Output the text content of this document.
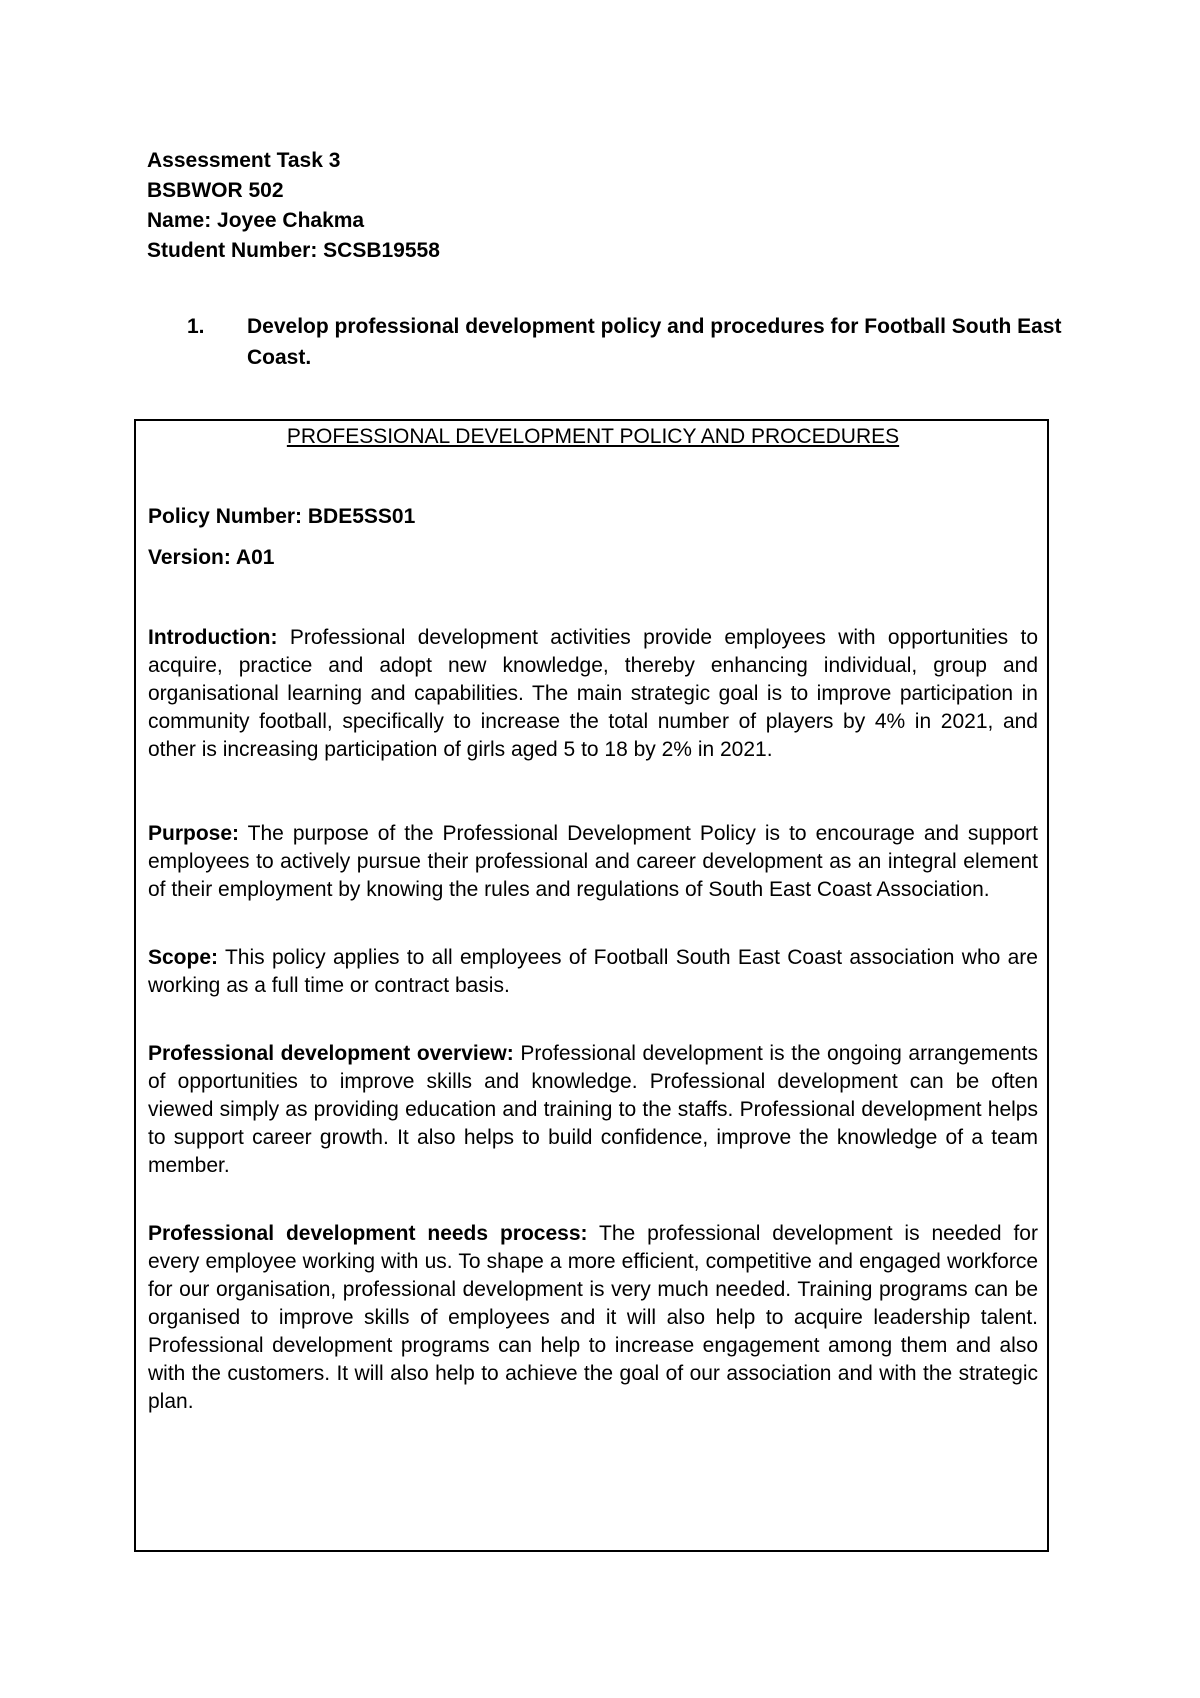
Assessment Task 3
BSBWOR 502
Name: Joyee Chakma
Student Number: SCSB19558
1. Develop professional development policy and procedures for Football South East Coast.
PROFESSIONAL DEVELOPMENT POLICY AND PROCEDURES
Policy Number: BDE5SS01
Version: A01

Introduction: Professional development activities provide employees with opportunities to acquire, practice and adopt new knowledge, thereby enhancing individual, group and organisational learning and capabilities. The main strategic goal is to improve participation in community football, specifically to increase the total number of players by 4% in 2021, and other is increasing participation of girls aged 5 to 18 by 2% in 2021.

Purpose: The purpose of the Professional Development Policy is to encourage and support employees to actively pursue their professional and career development as an integral element of their employment by knowing the rules and regulations of South East Coast Association.

Scope: This policy applies to all employees of Football South East Coast association who are working as a full time or contract basis.

Professional development overview: Professional development is the ongoing arrangements of opportunities to improve skills and knowledge. Professional development can be often viewed simply as providing education and training to the staffs. Professional development helps to support career growth. It also helps to build confidence, improve the knowledge of a team member.

Professional development needs process: The professional development is needed for every employee working with us. To shape a more efficient, competitive and engaged workforce for our organisation, professional development is very much needed. Training programs can be organised to improve skills of employees and it will also help to acquire leadership talent. Professional development programs can help to increase engagement among them and also with the customers. It will also help to achieve the goal of our association and with the strategic plan.
